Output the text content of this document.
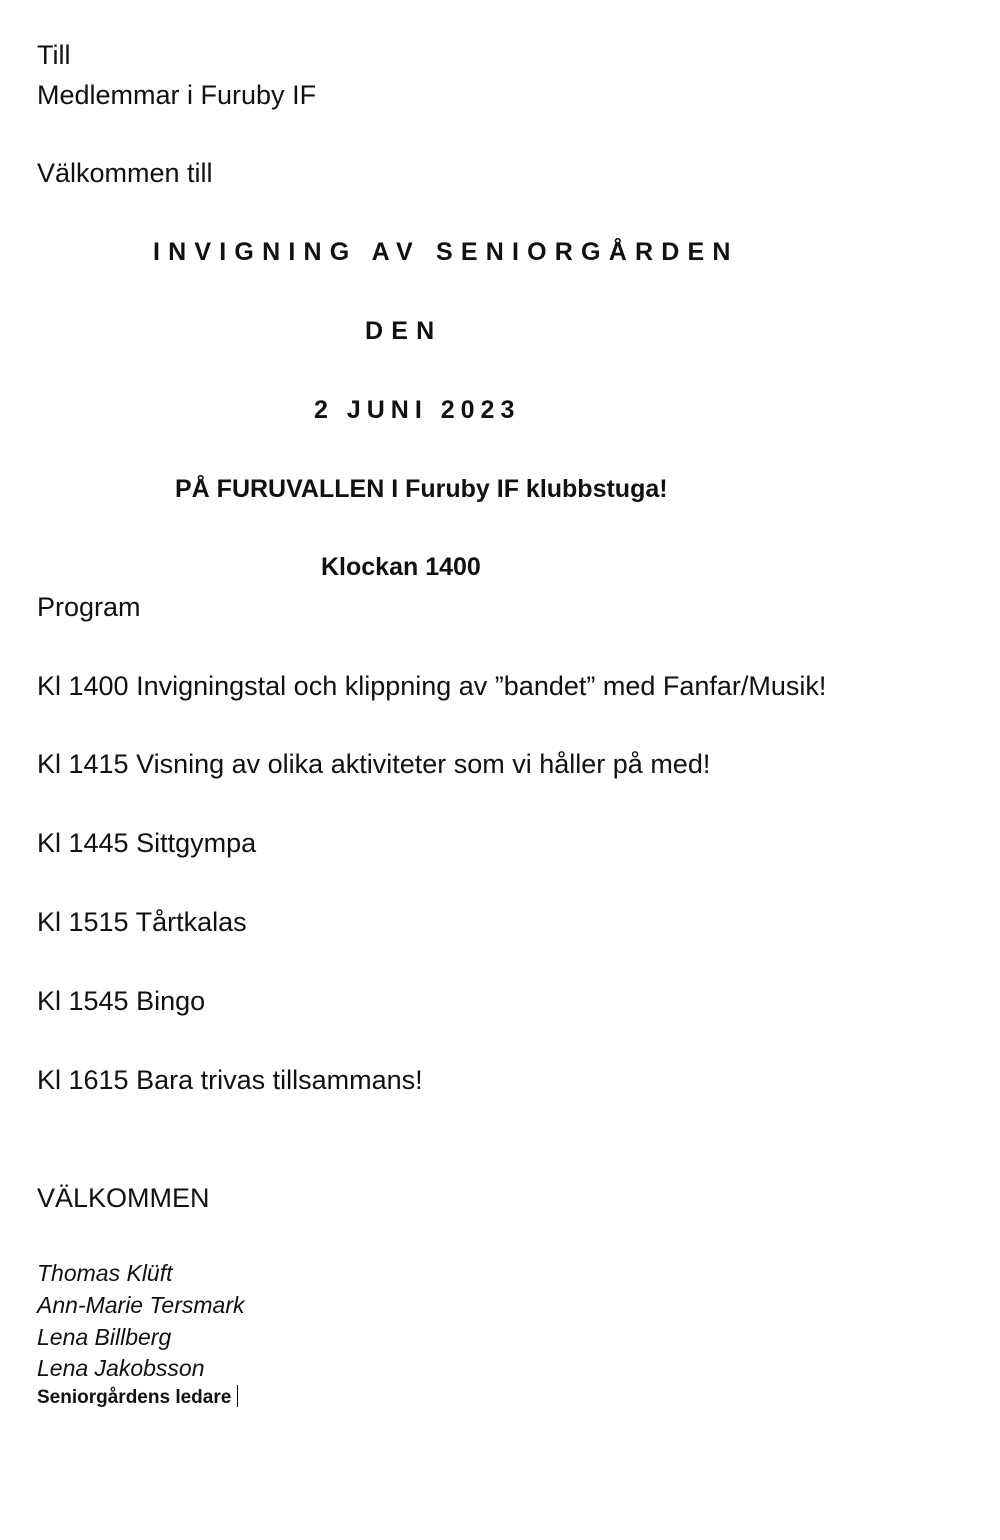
Till
Medlemmar i Furuby IF
Välkommen till
INVIGNING AV SENIORGÅRDEN
DEN
2 JUNI 2023
PÅ FURUVALLEN I Furuby IF klubbstuga!
Klockan 1400
Program
Kl 1400 Invigningstal och klippning av ”bandet” med Fanfar/Musik!
Kl 1415 Visning av olika aktiviteter som vi håller på med!
Kl 1445 Sittgympa
Kl 1515 Tårtkalas
Kl 1545 Bingo
Kl 1615 Bara trivas tillsammans!
VÄLKOMMEN
Thomas Klüft
Ann-Marie Tersmark
Lena Billberg
Lena Jakobsson
Seniorgårdens ledare
